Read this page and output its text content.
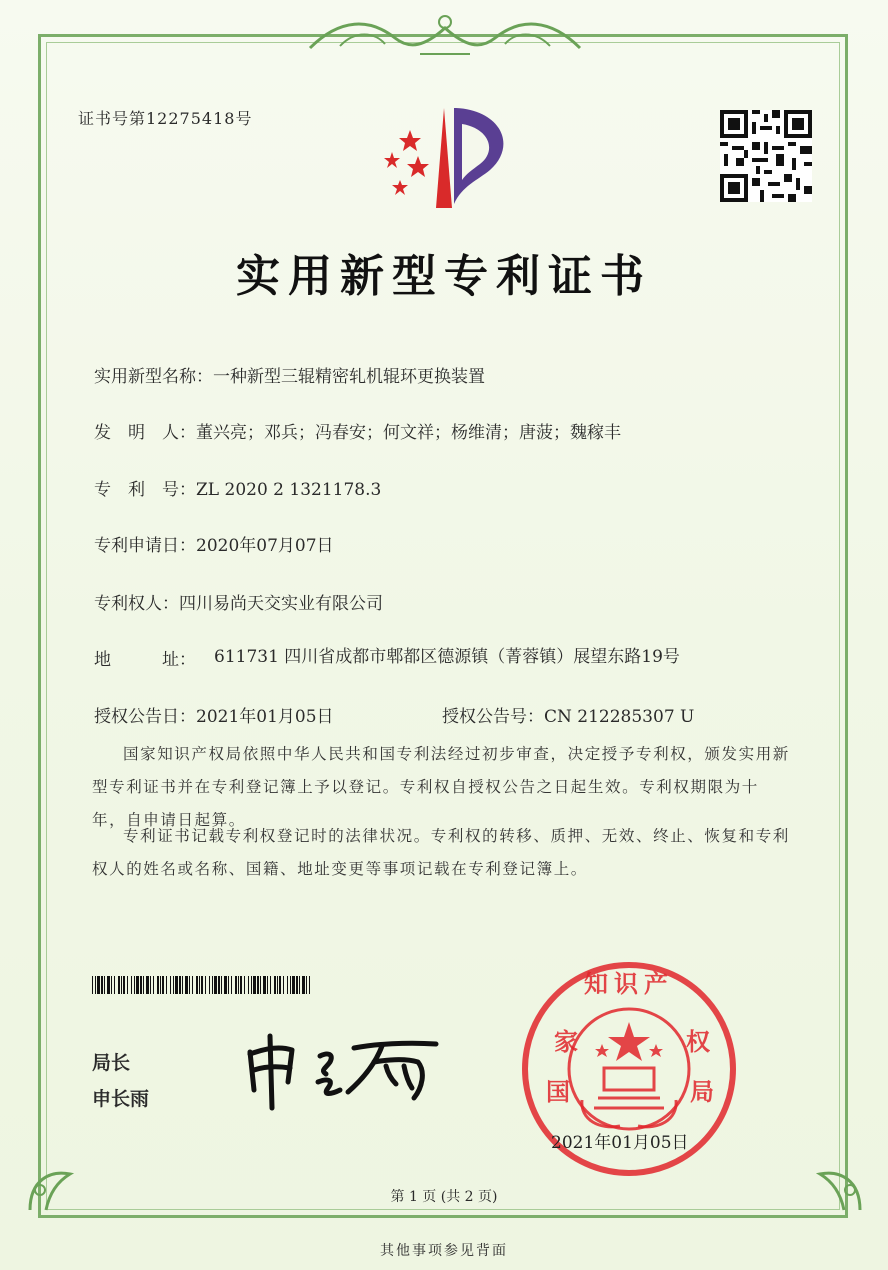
证书号第12275418号
实用新型专利证书
实用新型名称：一种新型三辊精密轧机辊环更换装置
发　明　人：董兴亮；邓兵；冯春安；何文祥；杨维清；唐菠；魏稼丰
专　利　号：ZL 2020 2 1321178.3
专利申请日：2020年07月07日
专利权人：四川易尚天交实业有限公司
地　　　址： 611731 四川省成都市郫都区德源镇（菁蓉镇）展望东路19号
授权公告日：2021年01月05日	授权公告号：CN 212285307 U
国家知识产权局依照中华人民共和国专利法经过初步审查，决定授予专利权，颁发实用新型专利证书并在专利登记簿上予以登记。专利权自授权公告之日起生效。专利权期限为十年，自申请日起算。
专利证书记载专利权登记时的法律状况。专利权的转移、质押、无效、终止、恢复和专利权人的姓名或名称、国籍、地址变更等事项记载在专利登记簿上。
局长
申长雨
知识产
家
国
权
局
2021年01月05日
第 1 页 (共 2 页)
其他事项参见背面
